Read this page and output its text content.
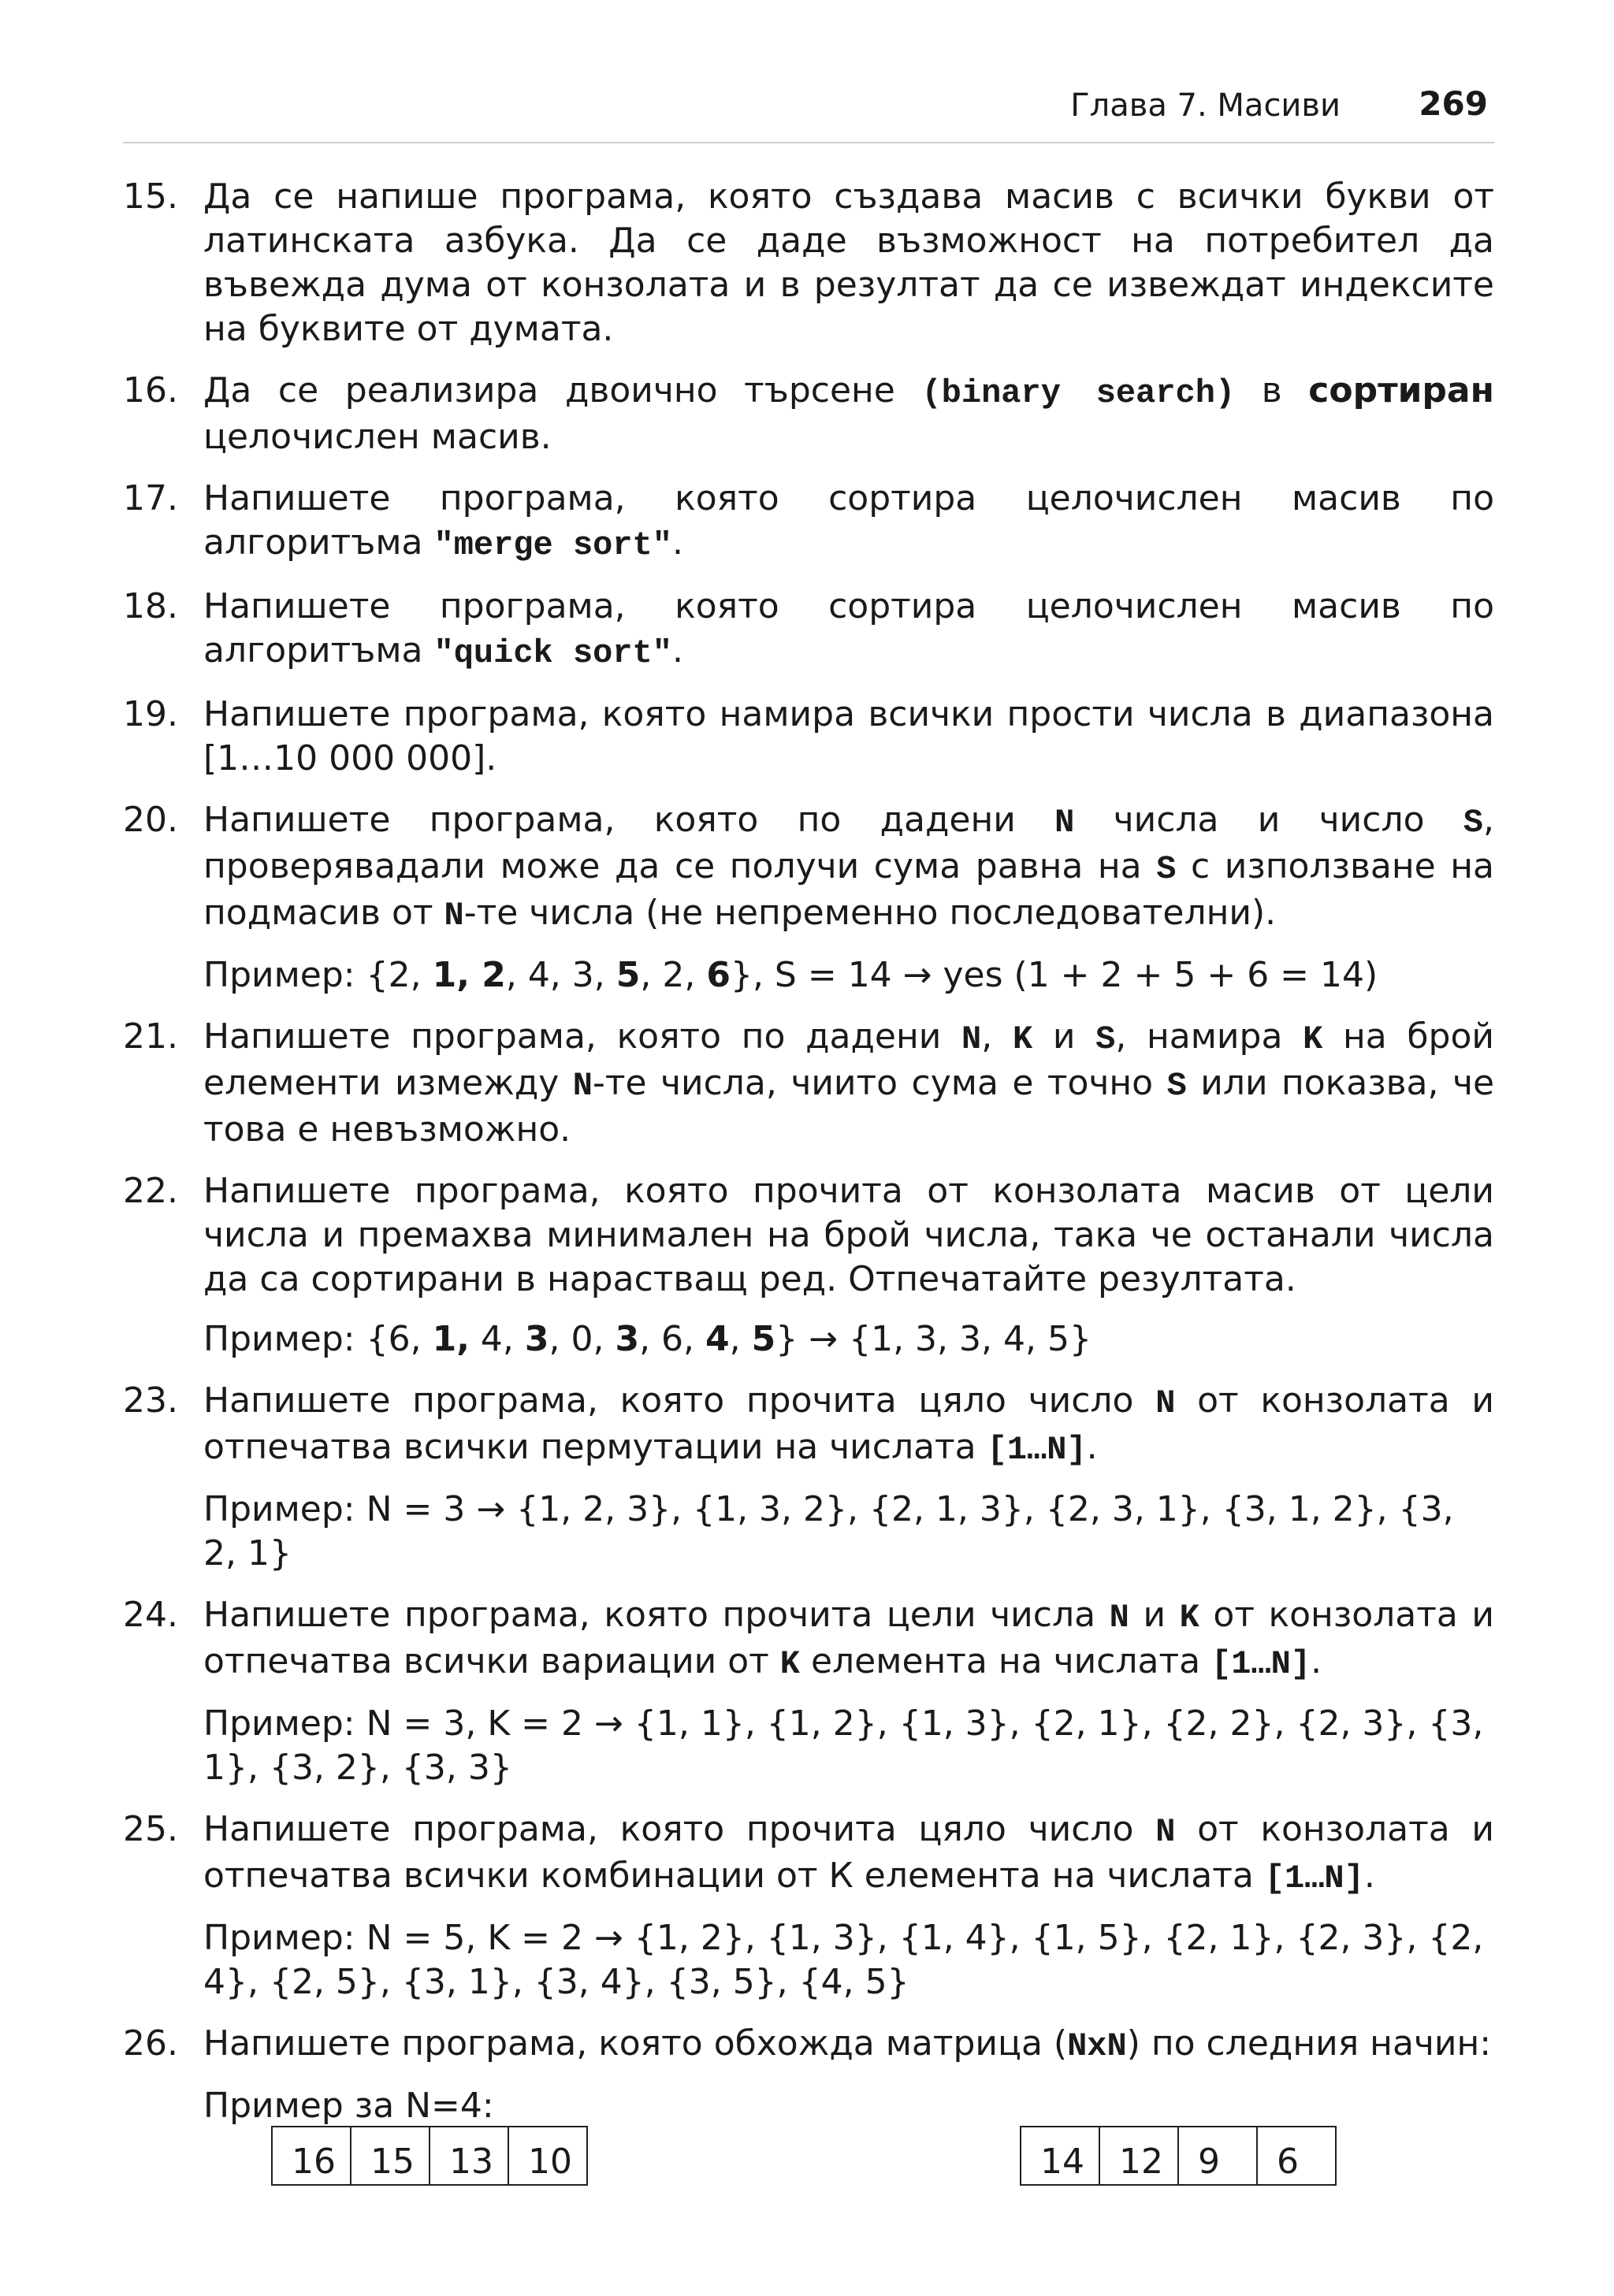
Глава 7. Масиви 269
15. Да се напише програма, която създава масив с всички букви от латинската азбука. Да се даде възможност на потребител да въвежда дума от конзолата и в резултат да се извеждат индексите на буквите от думата.

16. Да се реализира двоично търсене (binary search) в сортиран целочислен масив.

17. Напишете програма, която сортира целочислен масив по алгоритъма "merge sort".

18. Напишете програма, която сортира целочислен масив по алгоритъма "quick sort".

19. Напишете програма, която намира всички прости числа в диапазона [1…10 000 000].

20. Напишете програма, която по дадени N числа и число S, проверявадали може да се получи сума равна на S с използване на подмасив от N-те числа (не непременно последователни).

Пример: {2, 1, 2, 4, 3, 5, 2, 6}, S = 14 → yes (1 + 2 + 5 + 6 = 14)

21. Напишете програма, която по дадени N, K и S, намира K на брой елементи измежду N-те числа, чиито сума е точно S или показва, че това е невъзможно.

22. Напишете програма, която прочита от конзолата масив от цели числа и премахва минимален на брой числа, така че останали числа да са сортирани в нарастващ ред. Отпечатайте резултата.

Пример: {6, 1, 4, 3, 0, 3, 6, 4, 5} → {1, 3, 3, 4, 5}

23. Напишете програма, която прочита цяло число N от конзолата и отпечатва всички пермутации на числата [1…N].

Пример: N = 3 → {1, 2, 3}, {1, 3, 2}, {2, 1, 3}, {2, 3, 1}, {3, 1, 2}, {3, 2, 1}

24. Напишете програма, която прочита цели числа N и K от конзолата и отпечатва всички вариации от K елемента на числата [1…N].

Пример: N = 3, K = 2 → {1, 1}, {1, 2}, {1, 3}, {2, 1}, {2, 2}, {2, 3}, {3, 1}, {3, 2}, {3, 3}

25. Напишете програма, която прочита цяло число N от конзолата и отпечатва всички комбинации от К елемента на числата [1…N].

Пример: N = 5, K = 2 → {1, 2}, {1, 3}, {1, 4}, {1, 5}, {2, 1}, {2, 3}, {2, 4}, {2, 5}, {3, 1}, {3, 4}, {3, 5}, {4, 5}

26. Напишете програма, която обхожда матрица (NxN) по следния начин:

Пример за N=4:

16	15	13	10	14	12	9	6
